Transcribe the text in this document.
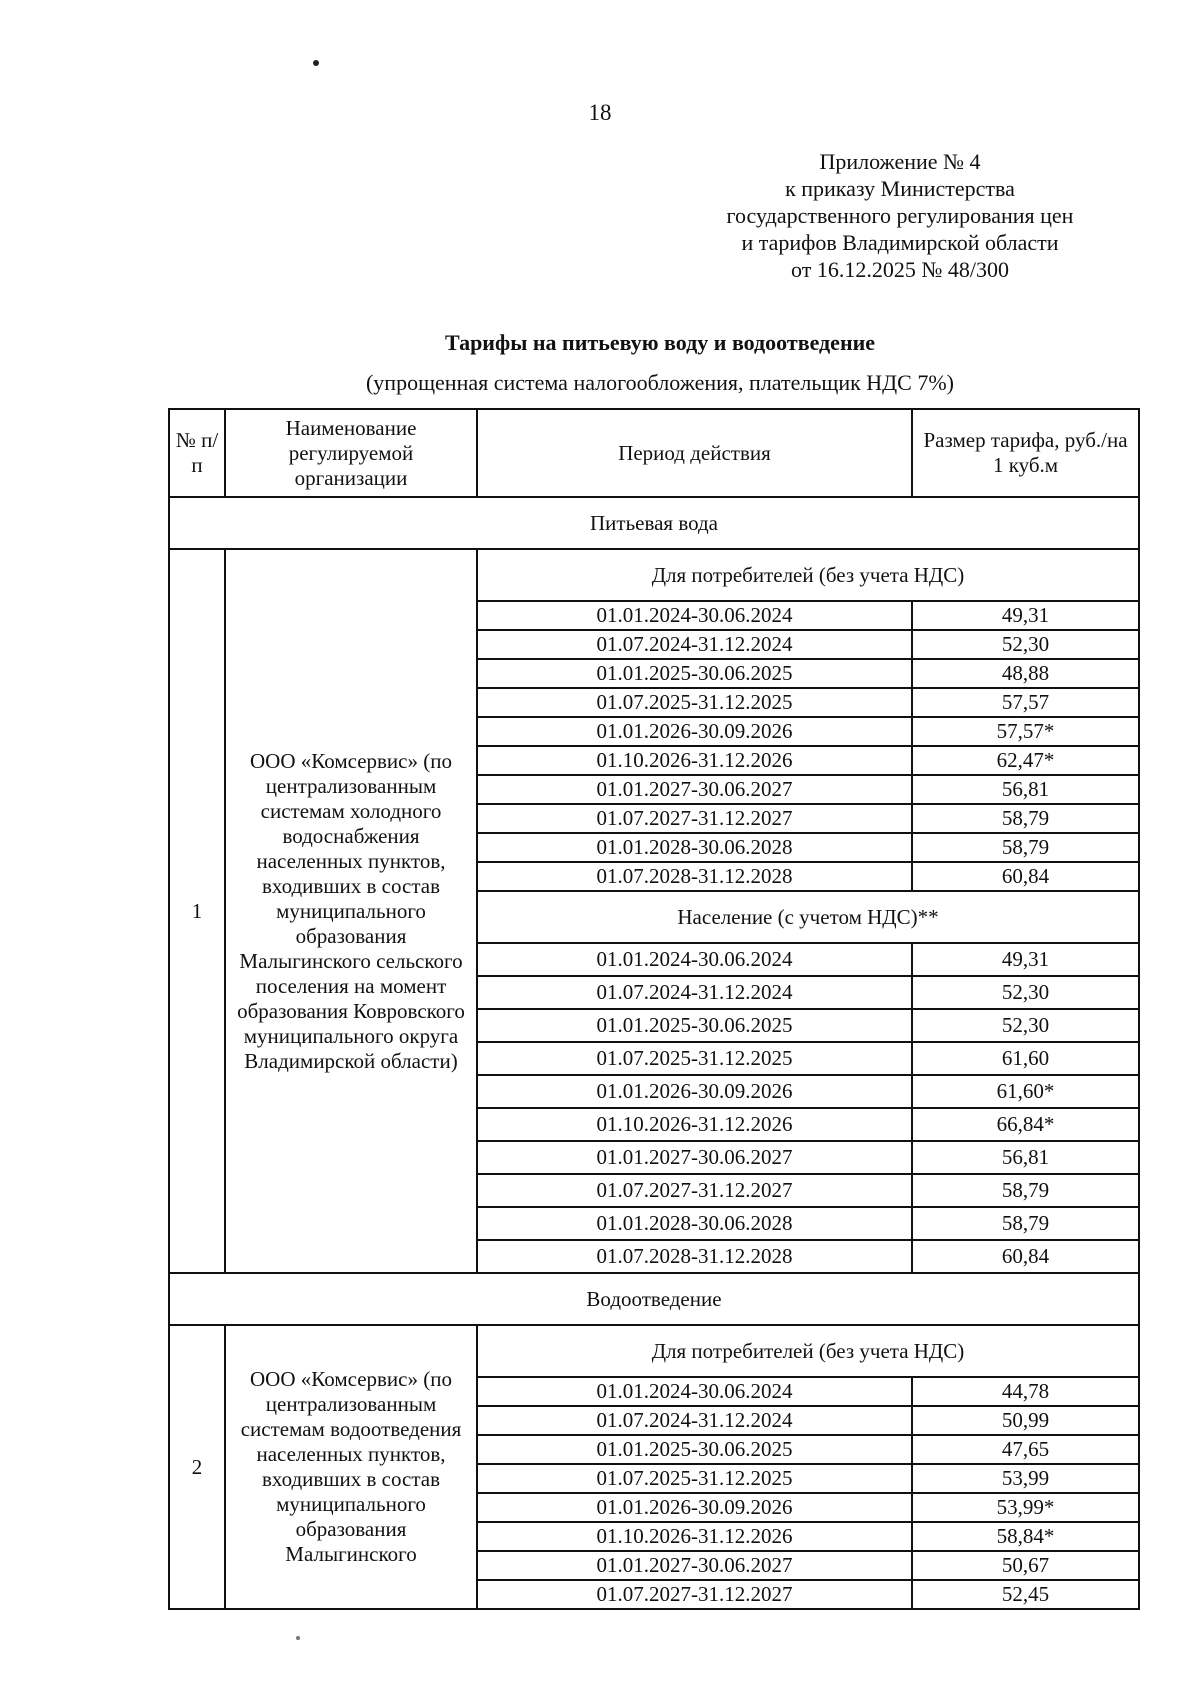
18
Приложение № 4
к приказу Министерства
государственного регулирования цен
и тарифов Владимирской области
от 16.12.2025 № 48/300
Тарифы на питьевую воду и водоотведение
(упрощенная система налогообложения, плательщик НДС 7%)
№ п/п	Наименование регулируемой организации	Период действия	Размер тарифа, руб./на 1 куб.м
Питьевая вода			
1	ООО «Комсервис» (по централизованным системам холодного водоснабжения населенных пунктов, входивших в состав муниципального образования Малыгинского сельского поселения на момент образования Ковровского муниципального округа Владимирской области)	Для потребителей (без учета НДС)	
		01.01.2024-30.06.2024	49,31
		01.07.2024-31.12.2024	52,30
		01.01.2025-30.06.2025	48,88
		01.07.2025-31.12.2025	57,57
		01.01.2026-30.09.2026	57,57*
		01.10.2026-31.12.2026	62,47*
		01.01.2027-30.06.2027	56,81
		01.07.2027-31.12.2027	58,79
		01.01.2028-30.06.2028	58,79
		01.07.2028-31.12.2028	60,84
		Население (с учетом НДС)**	
		01.01.2024-30.06.2024	49,31
		01.07.2024-31.12.2024	52,30
		01.01.2025-30.06.2025	52,30
		01.07.2025-31.12.2025	61,60
		01.01.2026-30.09.2026	61,60*
		01.10.2026-31.12.2026	66,84*
		01.01.2027-30.06.2027	56,81
		01.07.2027-31.12.2027	58,79
		01.01.2028-30.06.2028	58,79
		01.07.2028-31.12.2028	60,84
Водоотведение			
2	ООО «Комсервис» (по централизованным системам водоотведения населенных пунктов, входивших в состав муниципального образования Малыгинского	Для потребителей (без учета НДС)	
		01.01.2024-30.06.2024	44,78
		01.07.2024-31.12.2024	50,99
		01.01.2025-30.06.2025	47,65
		01.07.2025-31.12.2025	53,99
		01.01.2026-30.09.2026	53,99*
		01.10.2026-31.12.2026	58,84*
		01.01.2027-30.06.2027	50,67
		01.07.2027-31.12.2027	52,45
